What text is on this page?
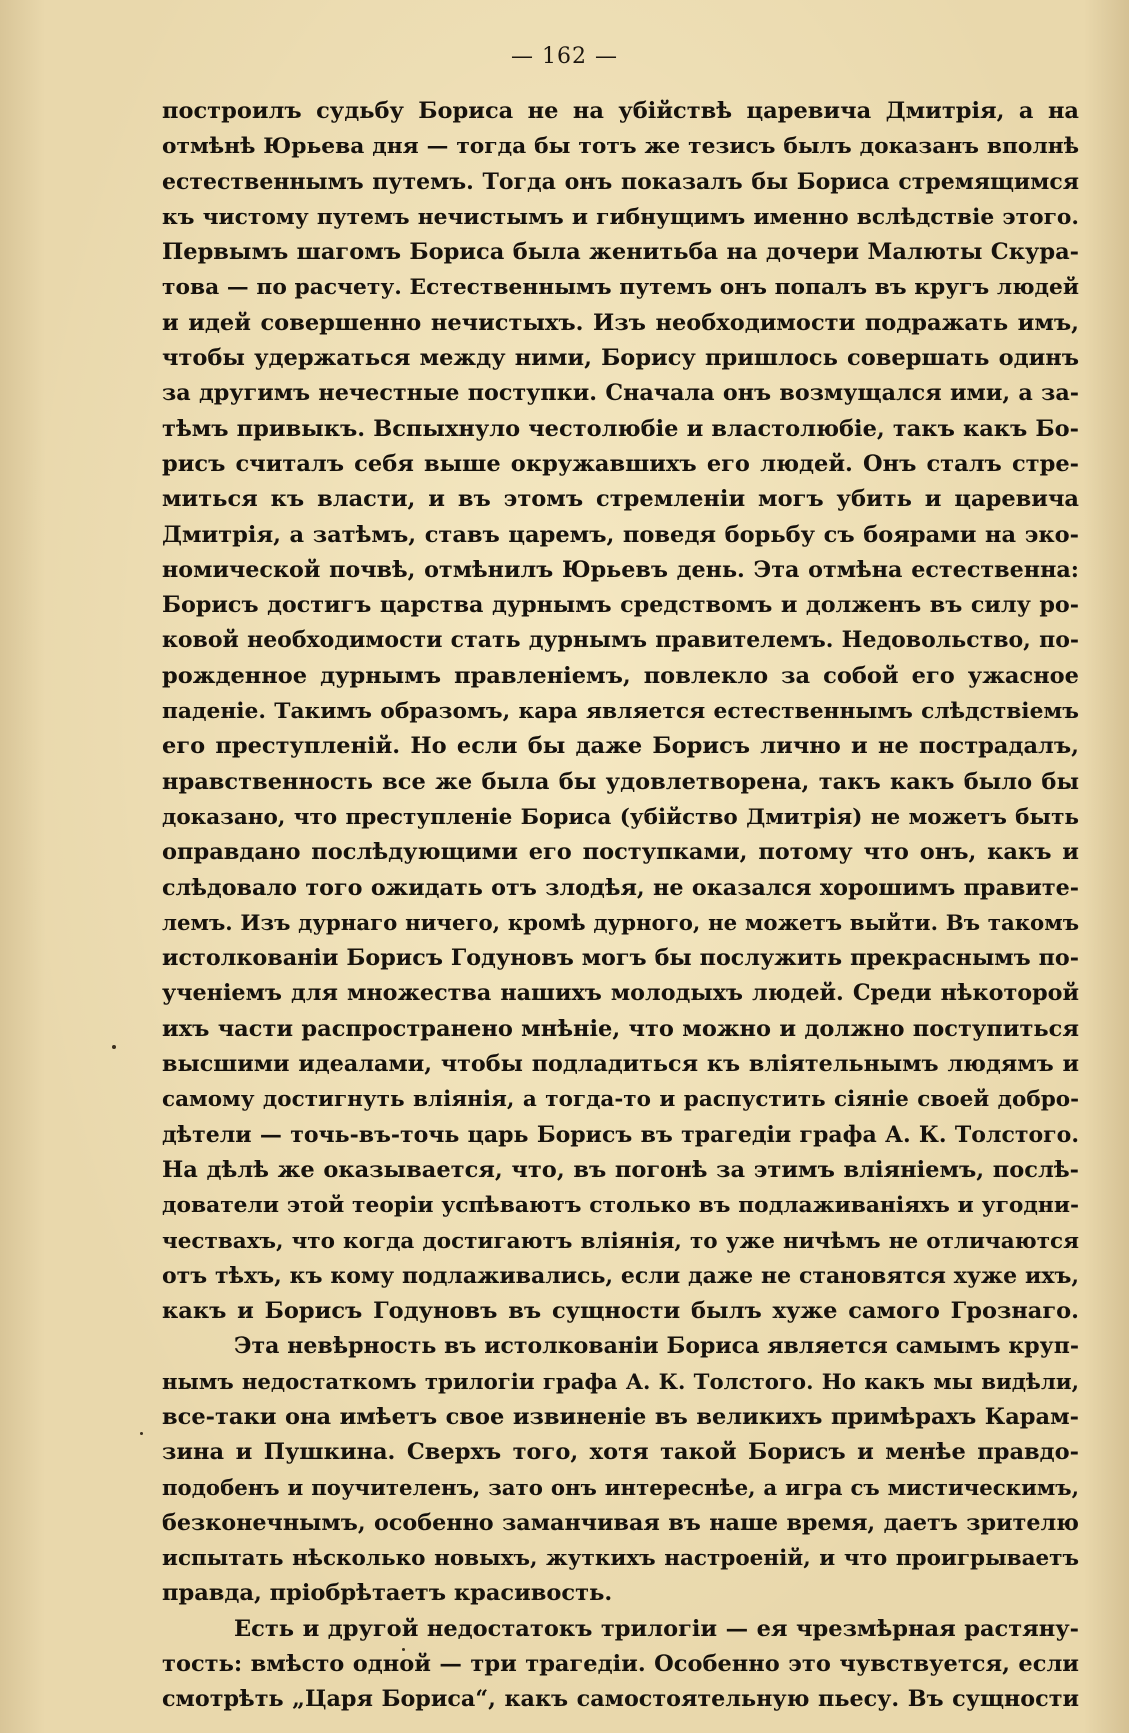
— 162 —
построилъ судьбу Бориса не на убійствѣ царевича Дмитрія, а на
отмѣнѣ Юрьева дня — тогда бы тотъ же тезисъ былъ доказанъ вполнѣ
естественнымъ путемъ. Тогда онъ показалъ бы Бориса стремящимся
къ чистому путемъ нечистымъ и гибнущимъ именно вслѣдствіе этого.
Первымъ шагомъ Бориса была женитьба на дочери Малюты Скура-
това — по расчету. Естественнымъ путемъ онъ попалъ въ кругъ людей
и идей совершенно нечистыхъ. Изъ необходимости подражать имъ,
чтобы удержаться между ними, Борису пришлось совершать одинъ
за другимъ нечестные поступки. Сначала онъ возмущался ими, а за-
тѣмъ привыкъ. Вспыхнуло честолюбіе и властолюбіе, такъ какъ Бо-
рисъ считалъ себя выше окружавшихъ его людей. Онъ сталъ стре-
миться къ власти, и въ этомъ стремленіи могъ убить и царевича
Дмитрія, а затѣмъ, ставъ царемъ, поведя борьбу съ боярами на эко-
номической почвѣ, отмѣнилъ Юрьевъ день. Эта отмѣна естественна:
Борисъ достигъ царства дурнымъ средствомъ и долженъ въ силу ро-
ковой необходимости стать дурнымъ правителемъ. Недовольство, по-
рожденное дурнымъ правленіемъ, повлекло за собой его ужасное
паденіе. Такимъ образомъ, кара является естественнымъ слѣдствіемъ
его преступленій. Но если бы даже Борисъ лично и не пострадалъ,
нравственность все же была бы удовлетворена, такъ какъ было бы
доказано, что преступленіе Бориса (убійство Дмитрія) не можетъ быть
оправдано послѣдующими его поступками, потому что онъ, какъ и
слѣдовало того ожидать отъ злодѣя, не оказался хорошимъ правите-
лемъ. Изъ дурнаго ничего, кромѣ дурного, не можетъ выйти. Въ такомъ
истолкованіи Борисъ Годуновъ могъ бы послужить прекраснымъ по-
ученіемъ для множества нашихъ молодыхъ людей. Среди нѣкоторой
ихъ части распространено мнѣніе, что можно и должно поступиться
высшими идеалами, чтобы подладиться къ вліятельнымъ людямъ и
самому достигнуть вліянія, а тогда-то и распустить сіяніе своей добро-
дѣтели — точь-въ-точь царь Борисъ въ трагедіи графа А. К. Толстого.
На дѣлѣ же оказывается, что, въ погонѣ за этимъ вліяніемъ, послѣ-
дователи этой теоріи успѣваютъ столько въ подлаживаніяхъ и угодни-
чествахъ, что когда достигаютъ вліянія, то уже ничѣмъ не отличаются
отъ тѣхъ, къ кому подлаживались, если даже не становятся хуже ихъ,
какъ и Борисъ Годуновъ въ сущности былъ хуже самого Грознаго.
Эта невѣрность въ истолкованіи Бориса является самымъ круп-
нымъ недостаткомъ трилогіи графа А. К. Толстого. Но какъ мы видѣли,
все-таки она имѣетъ свое извиненіе въ великихъ примѣрахъ Карам-
зина и Пушкина. Сверхъ того, хотя такой Борисъ и менѣе правдо-
подобенъ и поучителенъ, зато онъ интереснѣе, а игра съ мистическимъ,
безконечнымъ, особенно заманчивая въ наше время, даетъ зрителю
испытать нѣсколько новыхъ, жуткихъ настроеній, и что проигрываетъ
правда, пріобрѣтаетъ красивость.
Есть и другой недостатокъ трилогіи — ея чрезмѣрная растяну-
тость: вмѣсто одной — три трагедіи. Особенно это чувствуется, если
смотрѣть „Царя Бориса“, какъ самостоятельную пьесу. Въ сущности
